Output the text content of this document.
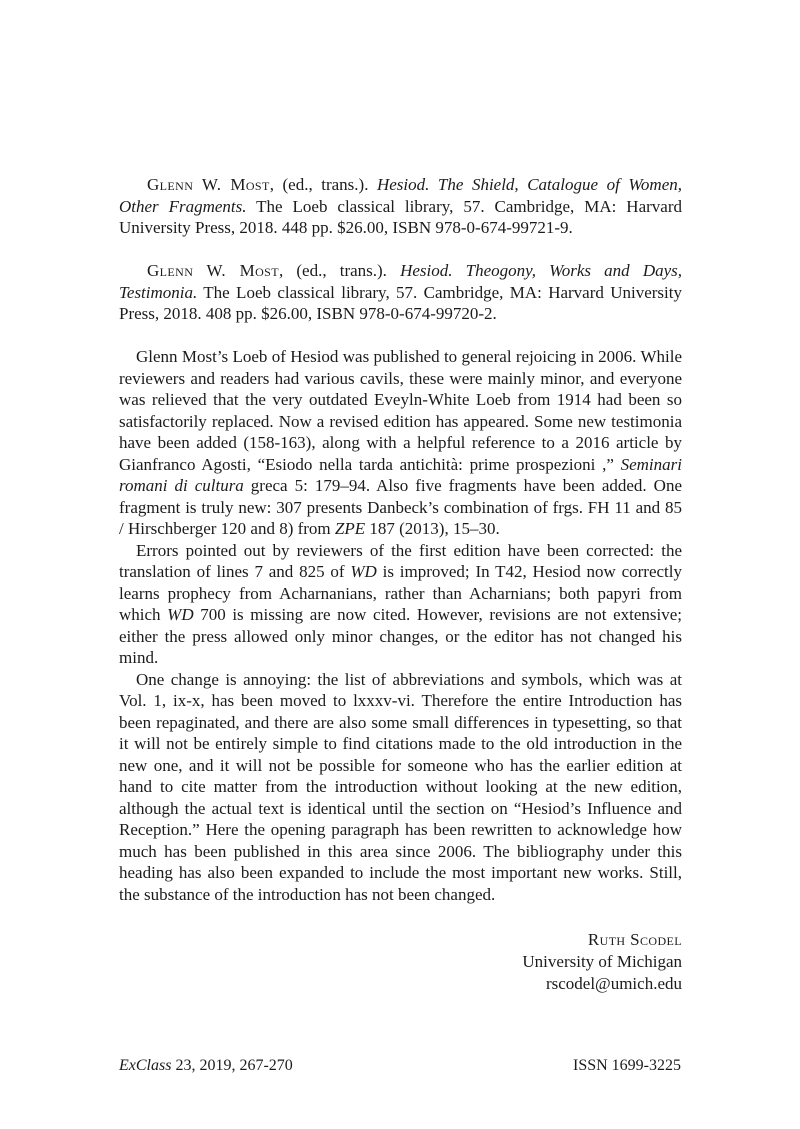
Glenn W. Most, (ed., trans.). Hesiod. The Shield, Catalogue of Women, Other Fragments. The Loeb classical library, 57. Cambridge, MA: Harvard University Press, 2018. 448 pp. $26.00, ISBN 978-0-674-99721-9.

Glenn W. Most, (ed., trans.). Hesiod. Theogony, Works and Days, Testimonia. The Loeb classical library, 57. Cambridge, MA: Harvard University Press, 2018. 408 pp. $26.00, ISBN 978-0-674-99720-2.

Glenn Most’s Loeb of Hesiod was published to general rejoicing in 2006. While reviewers and readers had various cavils, these were mainly minor, and everyone was relieved that the very outdated Eveyln-White Loeb from 1914 had been so satisfactorily replaced. Now a revised edition has appeared. Some new testimonia have been added (158-163), along with a helpful reference to a 2016 article by Gianfranco Agosti, “Esiodo nella tarda antichità: prime prospezioni ,” Seminari romani di cultura greca 5: 179–94. Also five fragments have been added. One fragment is truly new: 307 presents Danbeck’s combination of frgs. FH 11 and 85 / Hirschberger 120 and 8) from ZPE 187 (2013), 15–30.

Errors pointed out by reviewers of the first edition have been corrected: the translation of lines 7 and 825 of WD is improved; In T42, Hesiod now correctly learns prophecy from Acharnanians, rather than Acharnians; both papyri from which WD 700 is missing are now cited. However, revisions are not extensive; either the press allowed only minor changes, or the editor has not changed his mind.

One change is annoying: the list of abbreviations and symbols, which was at Vol. 1, ix-x, has been moved to lxxxv-vi. Therefore the entire Introduction has been repaginated, and there are also some small differences in typesetting, so that it will not be entirely simple to find citations made to the old introduction in the new one, and it will not be possible for someone who has the earlier edition at hand to cite matter from the introduction without looking at the new edition, although the actual text is identical until the section on “Hesiod’s Influence and Reception.” Here the opening paragraph has been rewritten to acknowledge how much has been published in this area since 2006. The bibliography under this heading has also been expanded to include the most important new works. Still, the substance of the introduction has not been changed.

Ruth Scodel
University of Michigan
rscodel@umich.edu
ExClass 23, 2019, 267-270	ISSN 1699-3225
